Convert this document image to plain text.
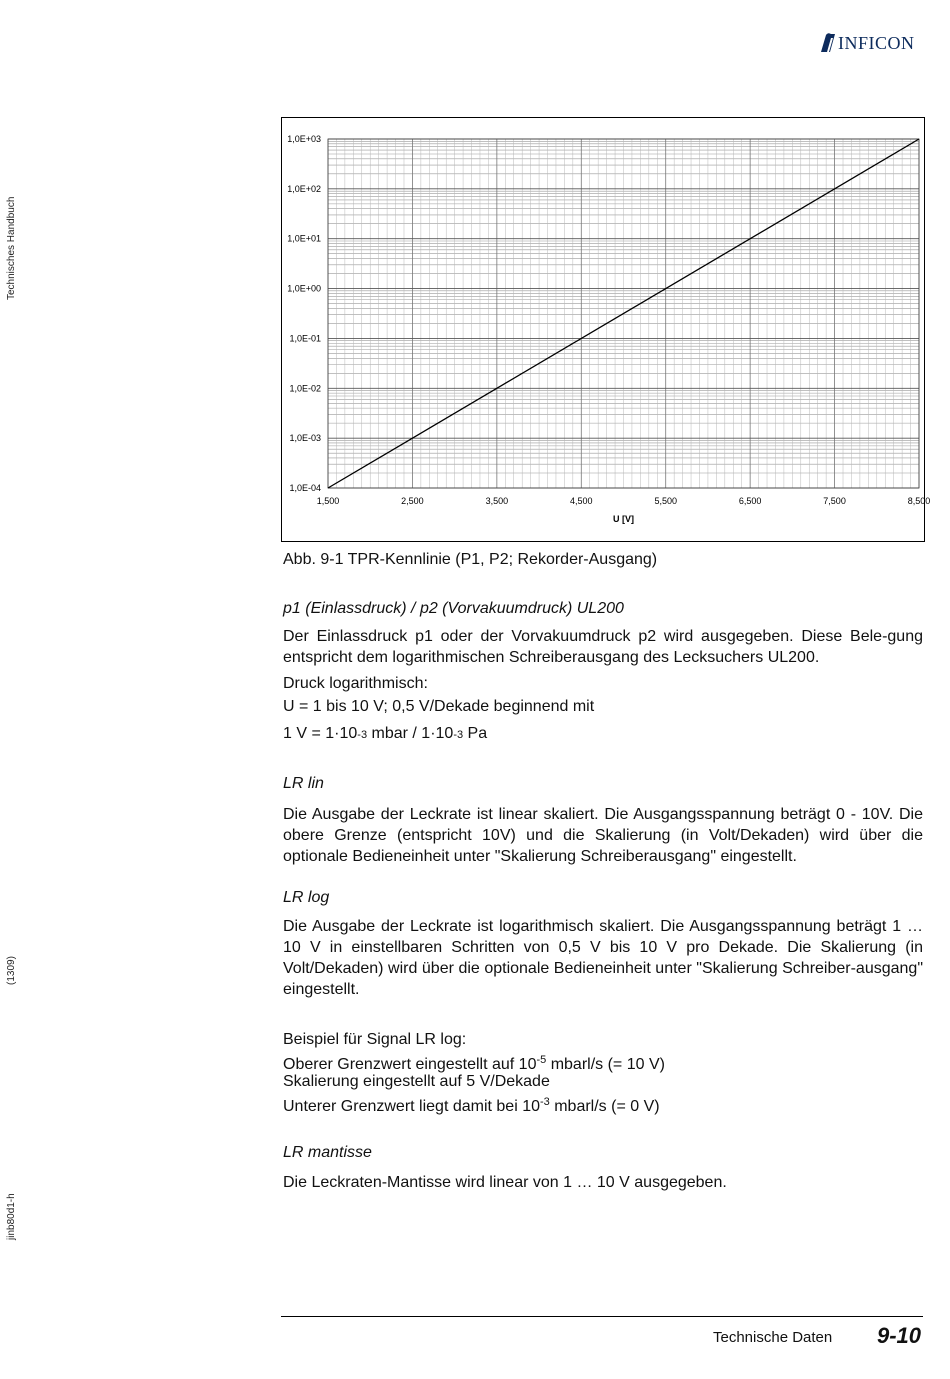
INFICON
Technisches Handbuch
(1309)
jinb80d1-h
1,0E+03
1,0E+02
1,0E+01
1,0E+00
1,0E-01
1,0E-02
1,0E-03
1,0E-04
1,500	2,500	3,500	4,500	5,500	6,500	7,500	8,500
U [V]
Abb. 9-1 TPR-Kennlinie (P1, P2; Rekorder-Ausgang)
p1 (Einlassdruck) / p2 (Vorvakuumdruck) UL200
Der Einlassdruck p1 oder der Vorvakuumdruck p2 wird ausgegeben. Diese Bele-gung entspricht dem logarithmischen Schreiberausgang des Lecksuchers UL200.
Druck logarithmisch:
U = 1 bis 10 V; 0,5 V/Dekade beginnend mit
1 V = 1·10-3 mbar / 1·10-3 Pa
LR lin
Die Ausgabe der Leckrate ist linear skaliert. Die Ausgangsspannung beträgt 0 - 10V. Die obere Grenze (entspricht 10V) und die Skalierung (in Volt/Dekaden) wird über die optionale Bedieneinheit unter "Skalierung Schreiberausgang" eingestellt.
LR log
Die Ausgabe der Leckrate ist logarithmisch skaliert. Die Ausgangsspannung beträgt 1 … 10 V in einstellbaren Schritten von 0,5 V bis 10 V pro Dekade. Die Skalierung (in Volt/Dekaden) wird über die optionale Bedieneinheit unter "Skalierung Schreiber-ausgang" eingestellt.
Beispiel für Signal LR log:
Oberer Grenzwert eingestellt auf $10^{-5}$ mbarl/s (= 10 V)
Skalierung eingestellt auf 5 V/Dekade
Unterer Grenzwert liegt damit bei $10^{-3}$ mbarl/s (= 0 V)
LR mantisse
Die Leckraten-Mantisse wird linear von 1 … 10 V ausgegeben.
Technische Daten 9-10
